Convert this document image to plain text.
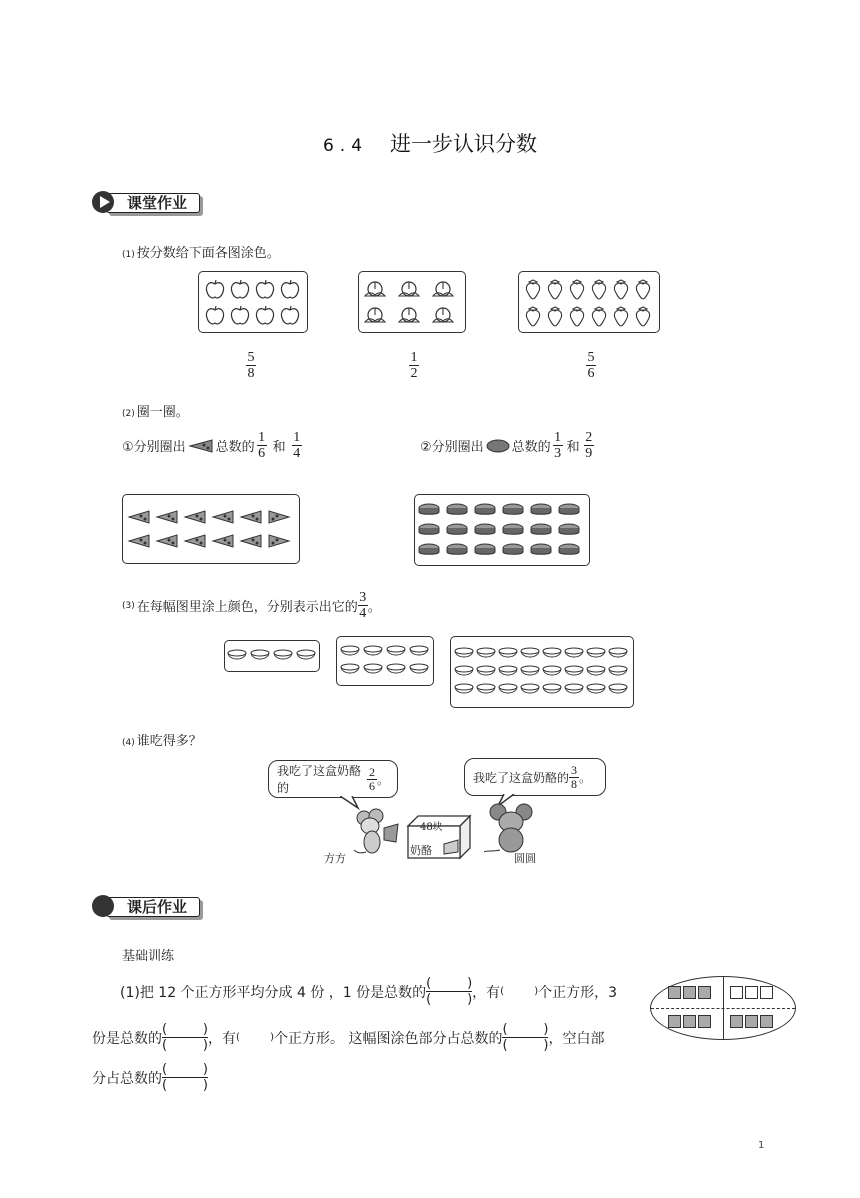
6.4 进一步认识分数
课堂作业
(1) 按分数给下面各图涂色。
5
8
1
2
5
6
(2) 圈一圈。
①分别圈出 总数的 $\frac{1}{6}$ 和 $\frac{1}{4}$	②分别圈出 总数的 $\frac{1}{3}$ 和 $\frac{2}{9}$
(3) 在每幅图里涂上颜色，分别表示出它的 $\frac{3}{4}$ 。
(4) 谁吃得多？
我吃了这盒奶酪的	$\frac{2}{6}$ 。	我吃了这盒奶酪的 $\frac{3}{8}$ 。
方方
48块
奶酪
圆圆
课后作业
基础训练
(1)把 12 个正方形平均分成 4 份 ，1 份是总数的
(	)
(	) ，有 (	) 个正方形，3
份是总数的
(	)
(	) ，有 (	) 个正方形。 这幅图涂色部分占总数的
(	)
(	) ，空白部
分占总数的
(	)
(	)
1
